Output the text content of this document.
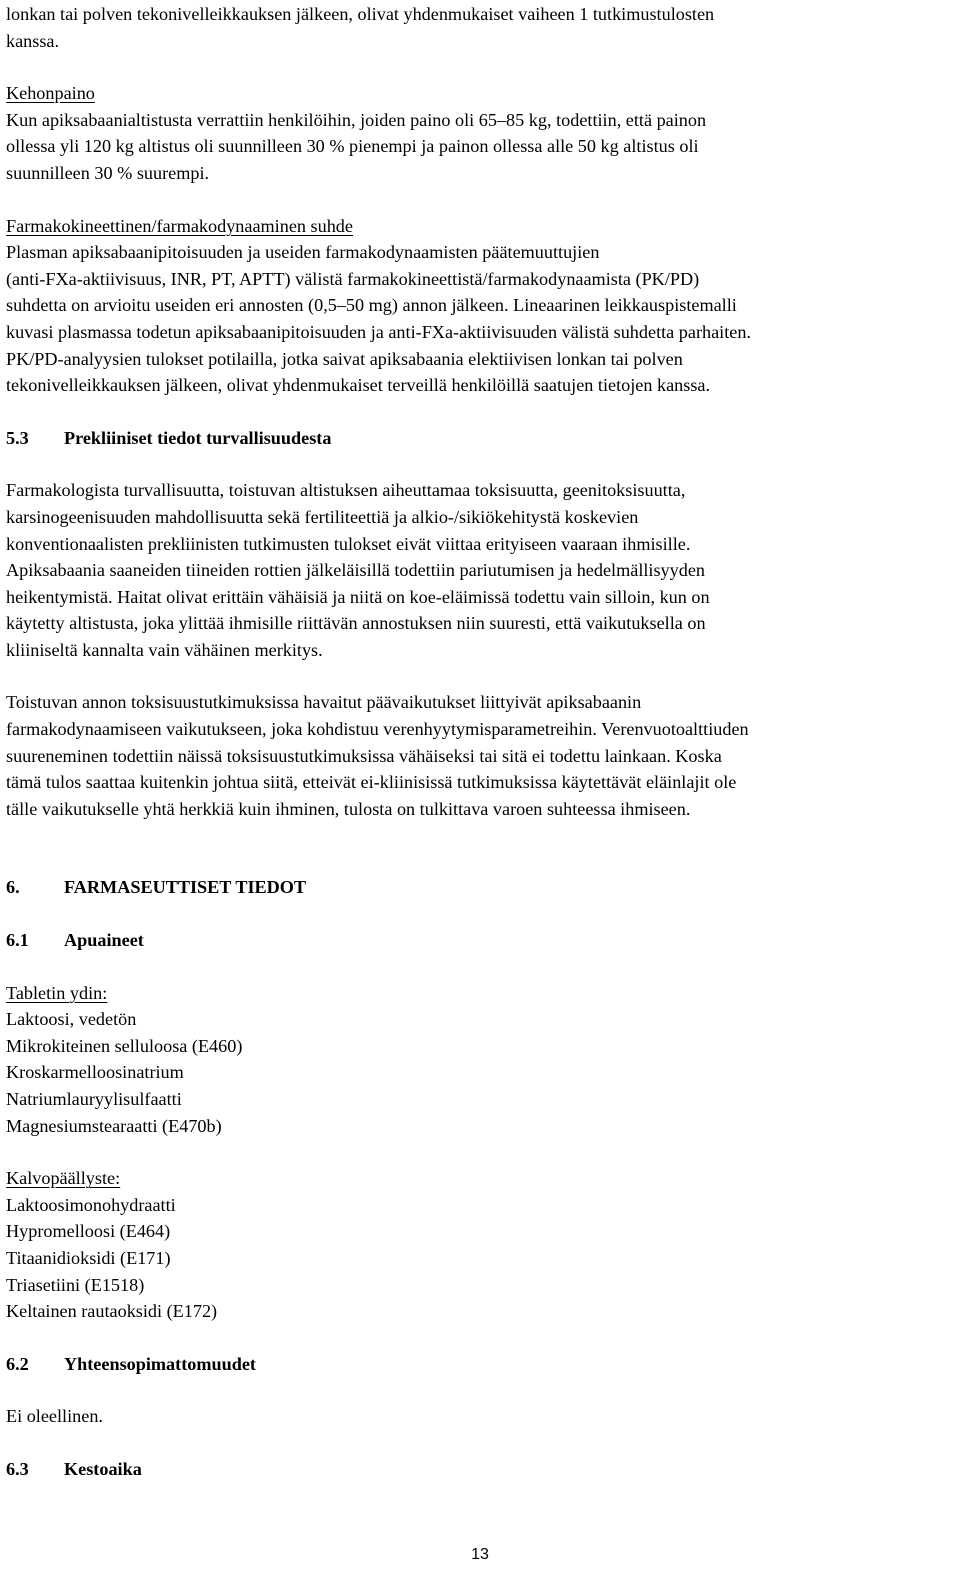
lonkan tai polven tekonivelleikkauksen jälkeen, olivat yhdenmukaiset vaiheen 1 tutkimustulosten
kanssa.
Kehonpaino
Kun apiksabaanialtistusta verrattiin henkilöihin, joiden paino oli 65–85 kg, todettiin, että painon
ollessa yli 120 kg altistus oli suunnilleen 30 % pienempi ja painon ollessa alle 50 kg altistus oli
suunnilleen 30 % suurempi.
Farmakokineettinen/farmakodynaaminen suhde
Plasman apiksabaanipitoisuuden ja useiden farmakodynaamisten päätemuuttujien
(anti-FXa-aktiivisuus, INR, PT, APTT) välistä farmakokineettistä/farmakodynaamista (PK/PD)
suhdetta on arvioitu useiden eri annosten (0,5–50 mg) annon jälkeen. Lineaarinen leikkauspistemalli
kuvasi plasmassa todetun apiksabaanipitoisuuden ja anti-FXa-aktiivisuuden välistä suhdetta parhaiten.
PK/PD-analyysien tulokset potilailla, jotka saivat apiksabaania elektiivisen lonkan tai polven
tekonivelleikkauksen jälkeen, olivat yhdenmukaiset terveillä henkilöillä saatujen tietojen kanssa.
5.3	Prekliiniset tiedot turvallisuudesta
Farmakologista turvallisuutta, toistuvan altistuksen aiheuttamaa toksisuutta, geenitoksisuutta,
karsinogeenisuuden mahdollisuutta sekä fertiliteettiä ja alkio-/sikiökehitystä koskevien
konventionaalisten prekliinisten tutkimusten tulokset eivät viittaa erityiseen vaaraan ihmisille.
Apiksabaania saaneiden tiineiden rottien jälkeläisillä todettiin pariutumisen ja hedelmällisyyden
heikentymistä. Haitat olivat erittäin vähäisiä ja niitä on koe-eläimissä todettu vain silloin, kun on
käytetty altistusta, joka ylittää ihmisille riittävän annostuksen niin suuresti, että vaikutuksella on
kliiniseltä kannalta vain vähäinen merkitys.
Toistuvan annon toksisuustutkimuksissa havaitut päävaikutukset liittyivät apiksabaanin
farmakodynaamiseen vaikutukseen, joka kohdistuu verenhyytymisparametreihin. Verenvuotoalttiuden
suureneminen todettiin näissä toksisuustutkimuksissa vähäiseksi tai sitä ei todettu lainkaan. Koska
tämä tulos saattaa kuitenkin johtua siitä, etteivät ei-kliinisissä tutkimuksissa käytettävät eläinlajit ole
tälle vaikutukselle yhtä herkkiä kuin ihminen, tulosta on tulkittava varoen suhteessa ihmiseen.
6.	FARMASEUTTISET TIEDOT
6.1	Apuaineet
Tabletin ydin:
Laktoosi, vedetön
Mikrokiteinen selluloosa (E460)
Kroskarmelloosinatrium
Natriumlauryylisulfaatti
Magnesiumstearaatti (E470b)
Kalvopäällyste:
Laktoosimonohydraatti
Hypromelloosi (E464)
Titaanidioksidi (E171)
Triasetiini (E1518)
Keltainen rautaoksidi (E172)
6.2	Yhteensopimattomuudet
Ei oleellinen.
6.3	Kestoaika
13
